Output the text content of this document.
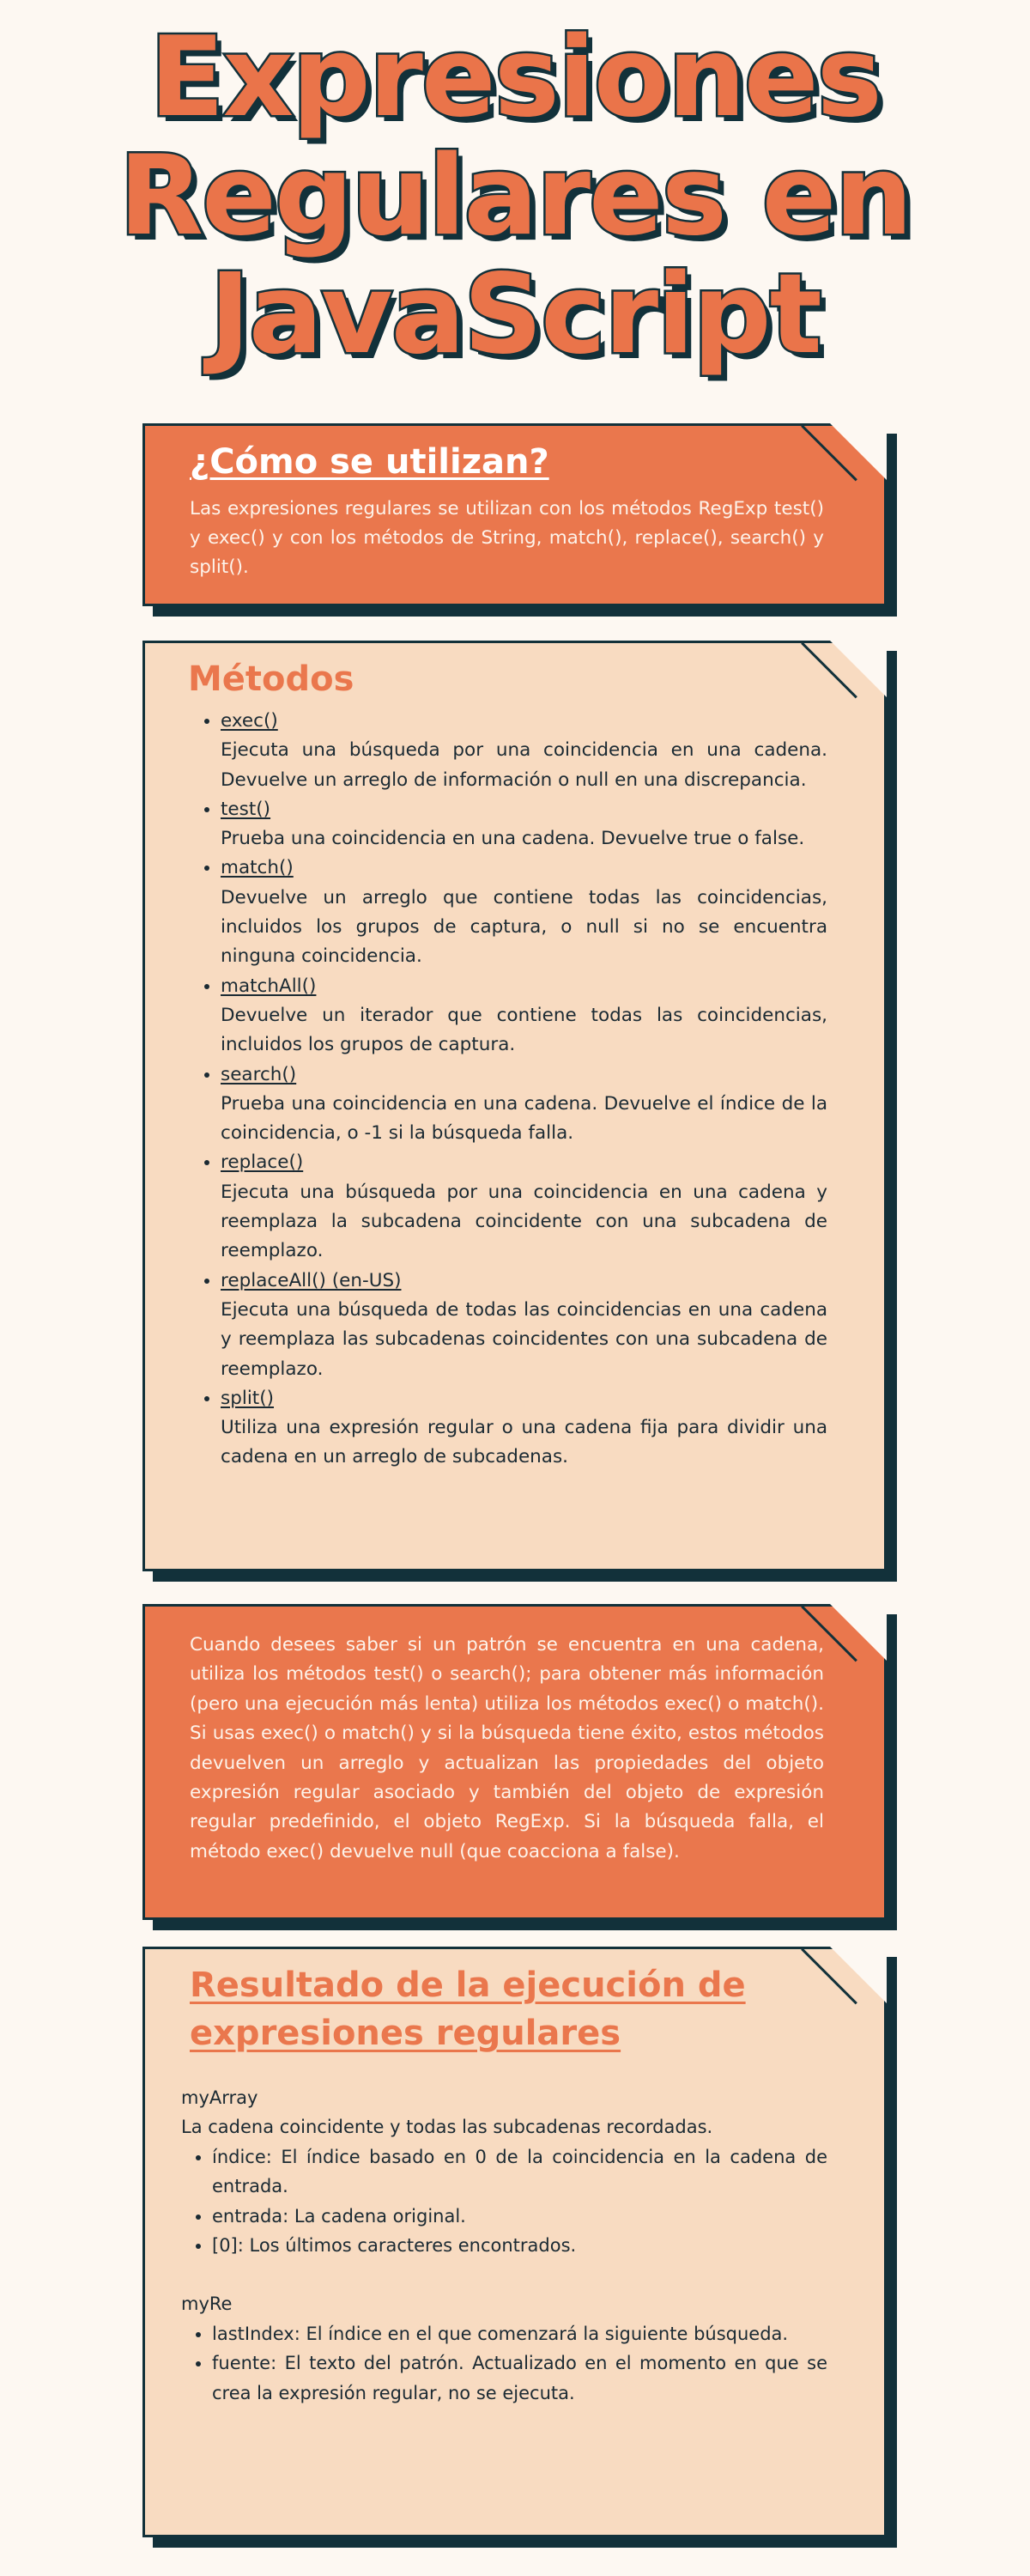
Expresiones
Regulares en
JavaScript
¿Cómo se utilizan?

Las expresiones regulares se utilizan con los métodos RegExp test() y exec() y con los métodos de String, match(), replace(), search() y split().

Métodos
• exec()
Ejecuta una búsqueda por una coincidencia en una cadena. Devuelve un arreglo de información o null en una discrepancia.
• test()
Prueba una coincidencia en una cadena. Devuelve true o false.
• match()
Devuelve un arreglo que contiene todas las coincidencias, incluidos los grupos de captura, o null si no se encuentra ninguna coincidencia.
• matchAll()
Devuelve un iterador que contiene todas las coincidencias, incluidos los grupos de captura.
• search()
Prueba una coincidencia en una cadena. Devuelve el índice de la coincidencia, o -1 si la búsqueda falla.
• replace()
Ejecuta una búsqueda por una coincidencia en una cadena y reemplaza la subcadena coincidente con una subcadena de reemplazo.
• replaceAll() (en-US)
Ejecuta una búsqueda de todas las coincidencias en una cadena y reemplaza las subcadenas coincidentes con una subcadena de reemplazo.
• split()
Utiliza una expresión regular o una cadena fija para dividir una cadena en un arreglo de subcadenas.

Cuando desees saber si un patrón se encuentra en una cadena, utiliza los métodos test() o search(); para obtener más información (pero una ejecución más lenta) utiliza los métodos exec() o match(). Si usas exec() o match() y si la búsqueda tiene éxito, estos métodos devuelven un arreglo y actualizan las propiedades del objeto expresión regular asociado y también del objeto de expresión regular predefinido, el objeto RegExp. Si la búsqueda falla, el método exec() devuelve null (que coacciona a false).

Resultado de la ejecución de expresiones regulares

myArray

La cadena coincidente y todas las subcadenas recordadas.

• índice: El índice basado en 0 de la coincidencia en la cadena de entrada.
• entrada: La cadena original.
• [0]: Los últimos caracteres encontrados.

myRe

• lastIndex: El índice en el que comenzará la siguiente búsqueda.
• fuente: El texto del patrón. Actualizado en el momento en que se crea la expresión regular, no se ejecuta.
